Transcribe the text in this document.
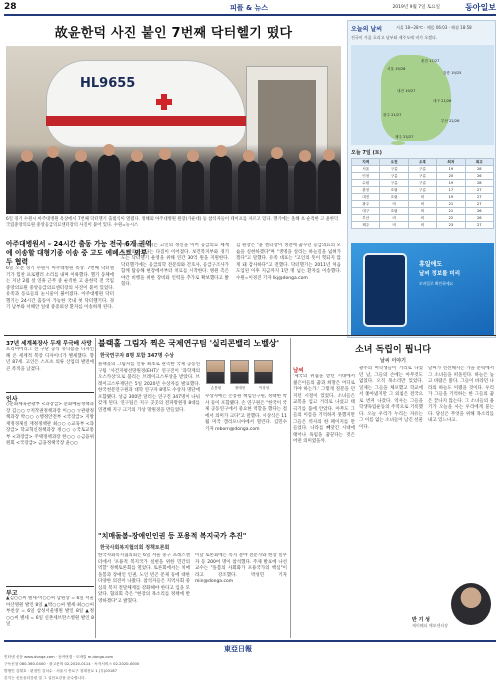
28	피플 & 뉴스	2019년 9월 7일 토요일	동아일보
故윤한덕 사진 붙인 7번째 닥터헬기 떴다
HL9655
6일 경기 수원시 아주대병원 옥상에서 7번째 닥터헬기 출범식이 열렸다. 정해외 아주대병원 원장(가운데) 등 참석자들이 테이프를 자르고 있다. 헬기에는 올해 초 순직한 고 윤한덕 국립중앙의료원 중앙응급의료센터장의 사진이 붙어 있다. 수원=뉴시스
아주대병원서 – 24시간 출동 가능 전국 6개 권역에 이송할 대형기종 이송 중 고도 에베스트 외부 두 협력
6일 오전 경기 수원시 아주대병원 옥상. 7번째 닥터헬기가 힘찬 프로펠러 소리를 내며 이륙했다. 헬기 동체에는 지난 2월 설 연휴 근무 중 순직한 고 윤한덕 전 국립중앙의료원 중앙응급의료센터장의 사진이 붙어 있었다. 유족과 동료들의 눈시울이 붉어졌다. 아주대병원 닥터헬기는 24시간 출동이 가능한 국내 첫 닥터헬기다. 경기 남부와 서해안 일대 중증외상 환자를 이송하게 된다.
이날 출범식에서는 고인의 정신을 이어 응급의료 체계를 강화하겠다는 다짐이 이어졌다. 보건복지부와 경기도는 닥터헬기 운영을 위해 연간 30억 원을 지원한다. 닥터헬기에는 응급의학 전문의와 간호사, 응급구조사가 함께 탑승해 현장에서부터 치료를 시작한다. 병원 측은 야간 비행을 위한 장비와 인력을 추가로 확보했다고 밝혔다.
김 원장은 "윤 센터장이 생전에 꿈꾸던 응급의료의 모습을 실현하겠다"며 "생명을 살리는 하늘길을 넓혀가겠다"고 말했다. 유족 대표는 "고인의 뜻이 헛되지 않게 돼 감사하다"고 전했다. 닥터헬기는 2011년 처음 도입된 이후 지금까지 1만 명 넘는 환자를 이송했다. 수원=이경진 기자 lkj@donga.com
오늘의 날씨	서울 18~28℃ · 해뜸 06:03 · 해짐 18:58
전국이 가끔 흐리고 남부와 제주도에 비가 오겠다.
서울 19/28
춘천 17/27
강릉 19/25
대전 19/27
대구 21/26
광주 21/27
부산 22/26
제주 23/27
오늘 7일 (토)
지역	오전	오후	최저	최고
서울	구름	구름	19	28
인천	구름	구름	20	26
수원	구름	구름	19	28
춘천	흐림	구름	17	27
대전	흐림	비	19	27
광주	비	비	21	27
대구	흐림	비	21	26
부산	비	비	22	26
제주	비	비	23	27
휴일에도
날씨 정보를 미리
모바일로 확인하세요
37년 세계복장사 두재 무극배 사망
프리미어리그 전 구단 공식 유니폼을 디자인해 온 세계적 복장 디자이너가 별세했다. 향년 87세. 고인은 스포츠 의류 산업의 발전에 큰 족적을 남겼다.
인사
◇문화체육관광부 <과장급> 문화예술정책과장 김○○ ▽저작권정책과장 이○○ ▽관광정책과장 박○○ ◇행정안전부 <국장급> 지방재정경제실 재정정책관 최○○ ◇교육부 <과장급> 학교혁신정책과장 정○○ ◇국토교통부 <과장급> 주택정책과장 한○○ ◇금융위원회 <국장급> 금융정책국장 윤○○
부고
▲김○○씨 별세·이○○씨 남편상 = 6일 서울아산병원 발인 8일 ▲박○○씨 별세·최○○씨 부친상 = 6일 삼성서울병원 발인 8일 ▲정○○씨 별세 = 6일 신촌세브란스병원 발인 8일
블랙홀 그림자 찍은 국제연구팀 '실리콘밸리 노벨상'
한국연구자 8명 포함 347명 수상
블랙홀의 그림자를 인류 최초로 관측한 국제 공동연구팀 '사건지평선망원경(EHT)' 연구진이 '과학계의 오스카상'으로 불리는 브레이크스루상을 받았다. 브레이크스루재단은 5일 2020년 수상자를 발표했다. 한국천문연구원과 대학 연구자 8명도 수상자 명단에 포함됐다. 상금 300만 달러는 연구진 347명이 나눠 갖게 된다. 연구팀은 지구 곳곳의 전파망원경 8대를 연결해 지구 크기의 가상 망원경을 만들었다.
손봉원	정태현	이상성
수상자에는 손봉원 책임연구원, 정태현 박사 등이 포함됐다. 손 연구원은 "한국이 국제 공동연구에서 중요한 역할을 했다는 점에서 의미가 크다"고 말했다. 시상식은 11월 미국 캘리포니아에서 열린다. 김민수 기자 reborn@donga.com
"치매돌봄-장애인인권 등 포용적 복지국가 추진"
한국사회복지협의회 정책토론회
한국사회복지협의회는 6일 서울 중구 프레스센터에서 '포용적 복지국가 실현을 위한 민간의 역할' 정책토론회를 열었다. 토론회에서는 치매 돌봄과 장애인 인권, 노인 빈곤 문제 등에 대한 다양한 의견이 나왔다. 참석자들은 지역사회 중심의 복지 전달체계를 강화해야 한다고 입을 모았다. 협의회 측은 "현장의 목소리를 정책에 반영하겠다"고 밝혔다.
이날 토론회에는 복지 분야 전문가와 현장 실무자 등 200여 명이 참석했다. 주제 발표에 나선 교수는 "돌봄의 사회화가 포용국가의 핵심"이라고 강조했다. 박성민 기자 min@donga.com
소녀 독립이 뭡니다
날씨 이야기
남씨
'제국의 위협을 받던 시대에서 젊은이들의 꿈과 희망은 어디로 가야 하는가.' 그렇게 질문을 던지던 시절이 있었다. 소녀들은 교복을 입고 거리로 나섰고 태극기를 품에 안았다. 아무도 그들의 이름을 기억하지 못했지만 그들은 역사의 한 페이지를 만들었다. 나라를 빼앗긴 시대에 태어나 독립을 꿈꾼다는 것은 어떤 의미였을까.
광주의 여학생들이 거리로 나섰던 날, 그들의 손에는 아무것도 없었다. 오직 목소리만 있었다. 일제는 그들을 체포했고 학교에서 쫓아냈지만 그 외침은 전국으로 번져 나갔다. 역사는 그들을 학생독립운동의 주역으로 기록했다. 오늘 우리가 누리는 자유는 그 이름 없는 소녀들이 남긴 선물이다.
날씨가 선선해지는 가을 문턱에서 그 소녀들을 떠올린다. 하늘은 높고 바람은 맑다. 그들이 바라던 나라의 하늘도 이랬을 것이다. 우리가 그들을 기억하는 한 그들의 꿈은 끝나지 않는다. 그 소녀들의 용기가 오늘을 사는 우리에게 묻는다. 당신은 무엇을 위해 목소리를 내고 있느냐고.
반 기 성
케이웨더 예보센터장
東亞日報
인터넷 신문 www.donga.com · 동아닷컴 · 모바일 m.donga.com
구독신청 080-360-0400 · 광고문의 02-2020-0114 · 독자서비스 02-2020-0000
발행인 김재호 · 편집인 김차수 · 서울시 종로구 청계천로 1 (우)03187
본지는 신문윤리강령 및 그 실천요강을 준수합니다.
